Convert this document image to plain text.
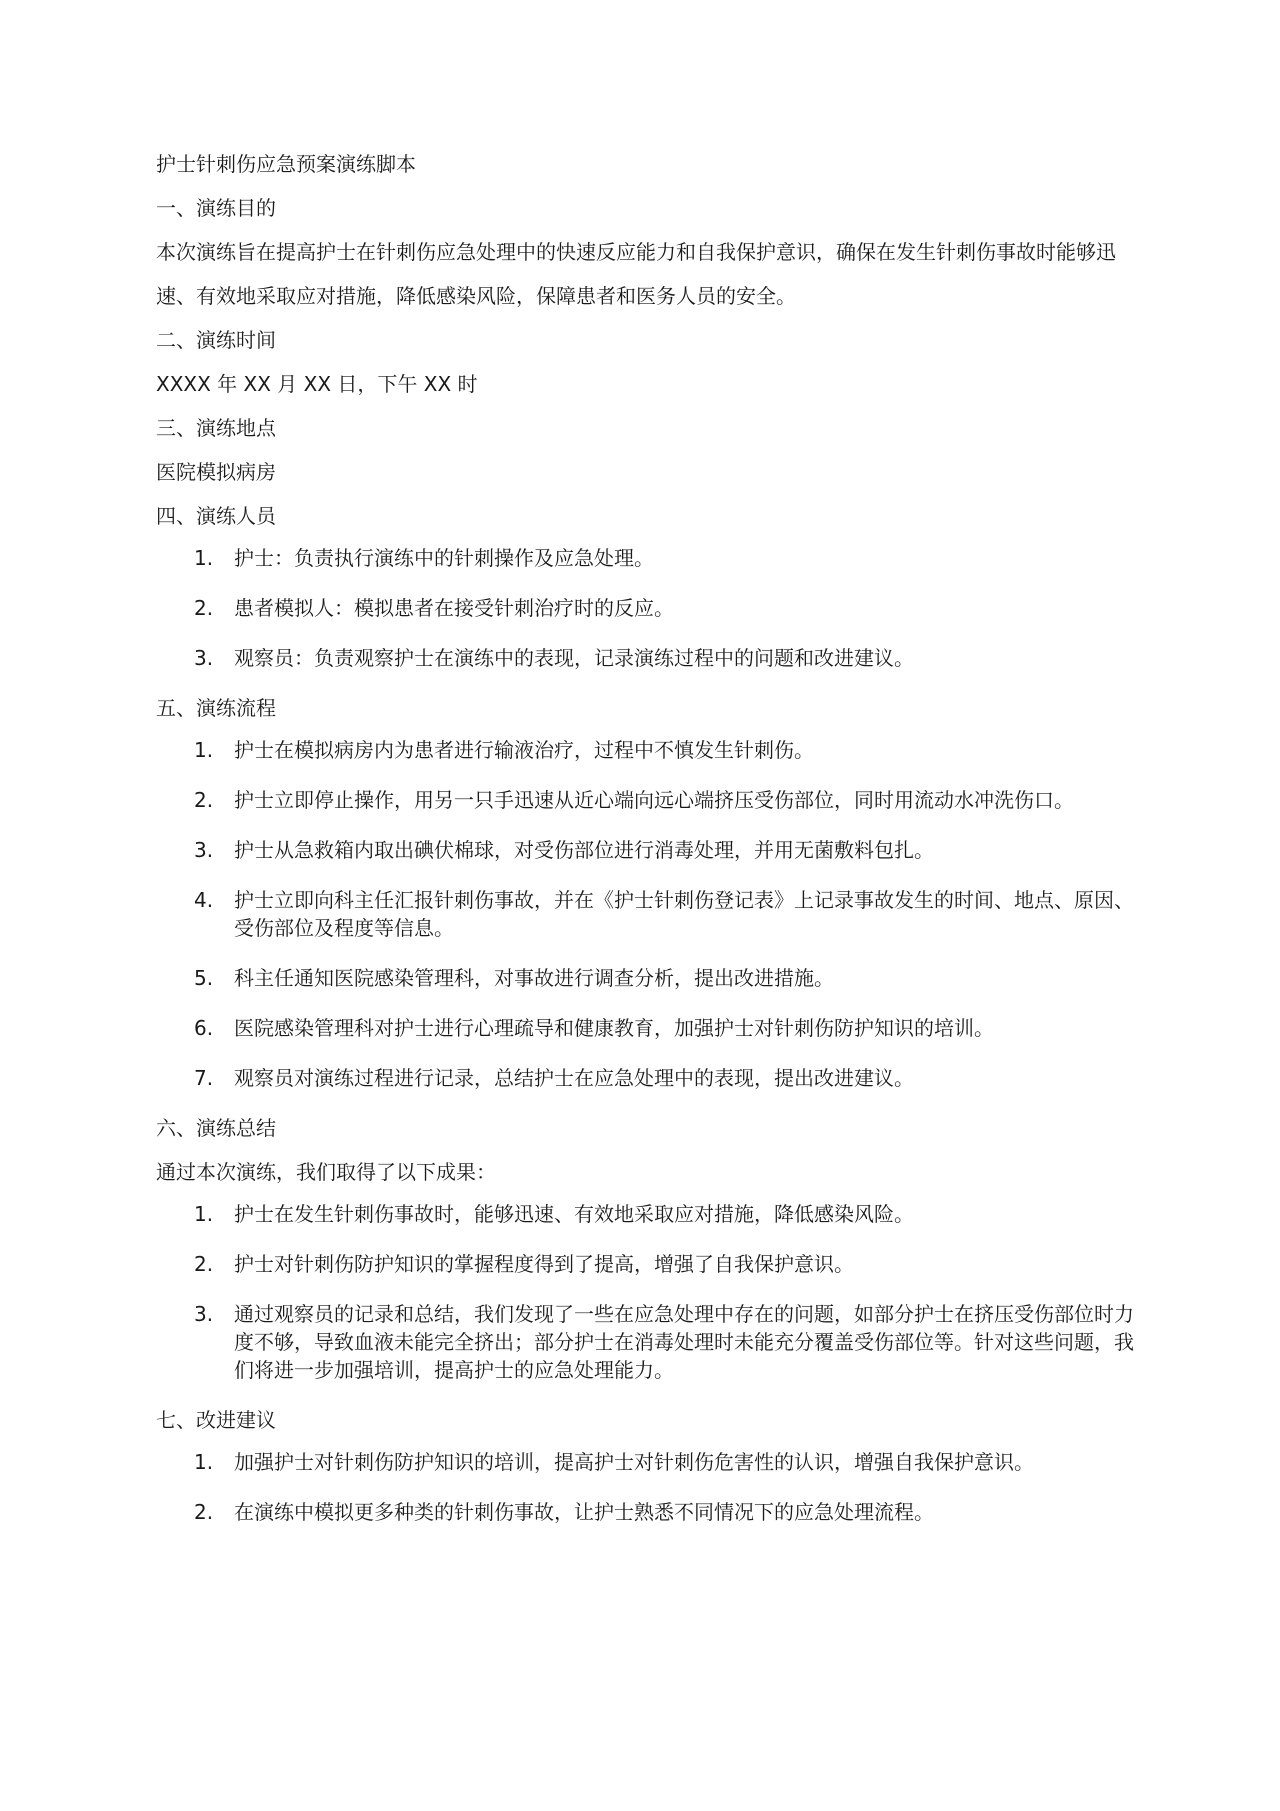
护士针刺伤应急预案演练脚本
一、演练目的
本次演练旨在提高护士在针刺伤应急处理中的快速反应能力和自我保护意识，确保在发生针刺伤事故时能够迅速、有效地采取应对措施，降低感染风险，保障患者和医务人员的安全。
二、演练时间
XXXX 年 XX 月 XX 日，下午 XX 时
三、演练地点
医院模拟病房
四、演练人员
1.	护士：负责执行演练中的针刺操作及应急处理。
2.	患者模拟人：模拟患者在接受针刺治疗时的反应。
3.	观察员：负责观察护士在演练中的表现，记录演练过程中的问题和改进建议。
五、演练流程
1.	护士在模拟病房内为患者进行输液治疗，过程中不慎发生针刺伤。
2.	护士立即停止操作，用另一只手迅速从近心端向远心端挤压受伤部位，同时用流动水冲洗伤口。
3.	护士从急救箱内取出碘伏棉球，对受伤部位进行消毒处理，并用无菌敷料包扎。
4.	护士立即向科主任汇报针刺伤事故，并在《护士针刺伤登记表》上记录事故发生的时间、地点、原因、受伤部位及程度等信息。
5.	科主任通知医院感染管理科，对事故进行调查分析，提出改进措施。
6.	医院感染管理科对护士进行心理疏导和健康教育，加强护士对针刺伤防护知识的培训。
7.	观察员对演练过程进行记录，总结护士在应急处理中的表现，提出改进建议。
六、演练总结
通过本次演练，我们取得了以下成果：
1.	护士在发生针刺伤事故时，能够迅速、有效地采取应对措施，降低感染风险。
2.	护士对针刺伤防护知识的掌握程度得到了提高，增强了自我保护意识。
3.	通过观察员的记录和总结，我们发现了一些在应急处理中存在的问题，如部分护士在挤压受伤部位时力度不够，导致血液未能完全挤出；部分护士在消毒处理时未能充分覆盖受伤部位等。针对这些问题，我们将进一步加强培训，提高护士的应急处理能力。
七、改进建议
1.	加强护士对针刺伤防护知识的培训，提高护士对针刺伤危害性的认识，增强自我保护意识。
2.	在演练中模拟更多种类的针刺伤事故，让护士熟悉不同情况下的应急处理流程。
